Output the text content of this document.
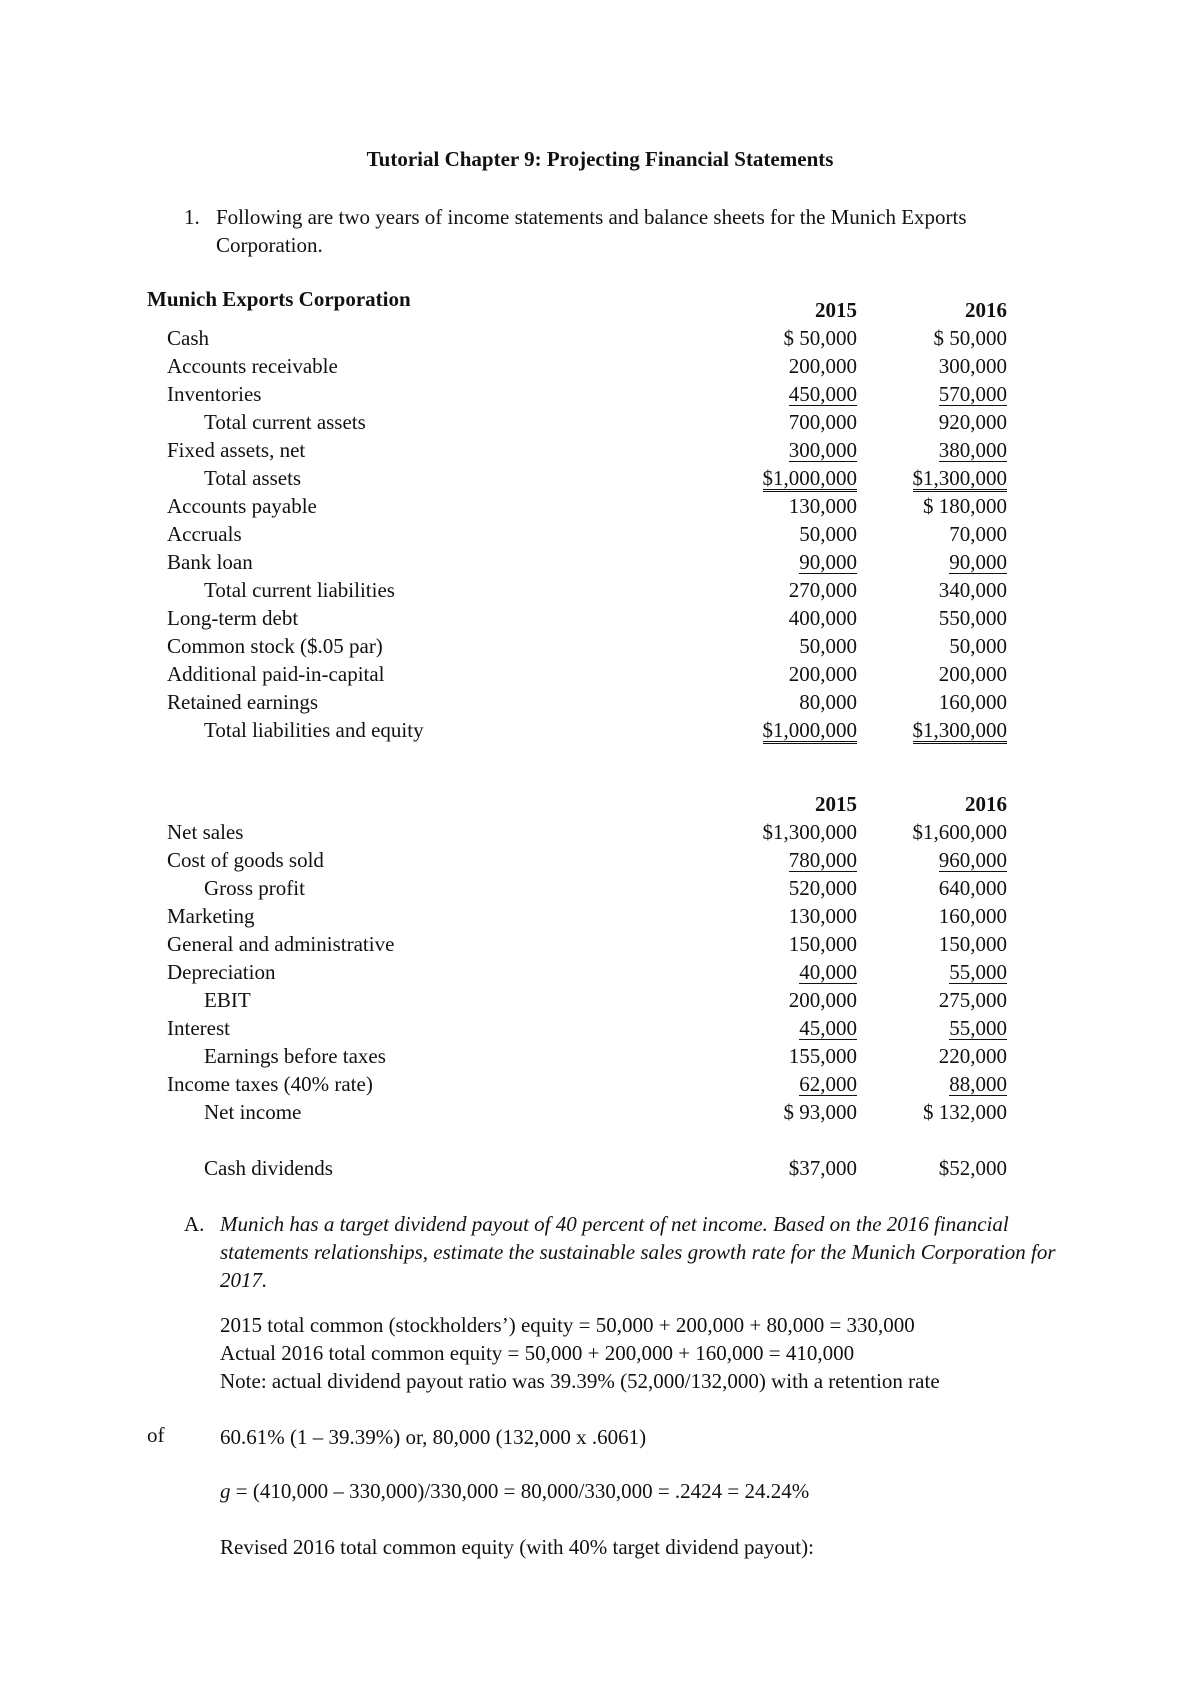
Tutorial Chapter 9: Projecting Financial Statements
1. Following are two years of income statements and balance sheets for the Munich Exports Corporation.
Munich Exports Corporation
		2015		2016
Cash	$ 50,000		$ 50,000
Accounts receivable	200,000		300,000
Inventories	450,000		570,000
Total current assets	700,000		920,000
Fixed assets, net	300,000		380,000
Total assets	$1,000,000		$1,300,000
Accounts payable	130,000		$ 180,000
Accruals	50,000		70,000
Bank loan	90,000		90,000
Total current liabilities	270,000		340,000
Long-term debt	400,000		550,000
Common stock ($.05 par)	50,000		50,000
Additional paid-in-capital	200,000		200,000
Retained earnings	80,000		160,000
Total liabilities and equity	$1,000,000		$1,300,000
	2015		2016
Net sales	$1,300,000		$1,600,000
Cost of goods sold	780,000		960,000
Gross profit	520,000		640,000
Marketing	130,000		160,000
General and administrative	150,000		150,000
Depreciation	40,000		55,000
EBIT	200,000		275,000
Interest	45,000		55,000
Earnings before taxes	155,000		220,000
Income taxes (40% rate)	62,000		88,000
Net income	$ 93,000		$ 132,000

Cash dividends	$37,000		$52,000
A. Munich has a target dividend payout of 40 percent of net income. Based on the 2016 financial statements relationships, estimate the sustainable sales growth rate for the Munich Corporation for 2017.
2015 total common (stockholders’) equity = 50,000 + 200,000 + 80,000 = 330,000
Actual 2016 total common equity = 50,000 + 200,000 + 160,000 = 410,000
Note: actual dividend payout ratio was 39.39% (52,000/132,000) with a retention rate
of	60.61% (1 – 39.39%) or, 80,000 (132,000 x .6061)
g = (410,000 – 330,000)/330,000 = 80,000/330,000 = .2424 = 24.24%
Revised 2016 total common equity (with 40% target dividend payout):
